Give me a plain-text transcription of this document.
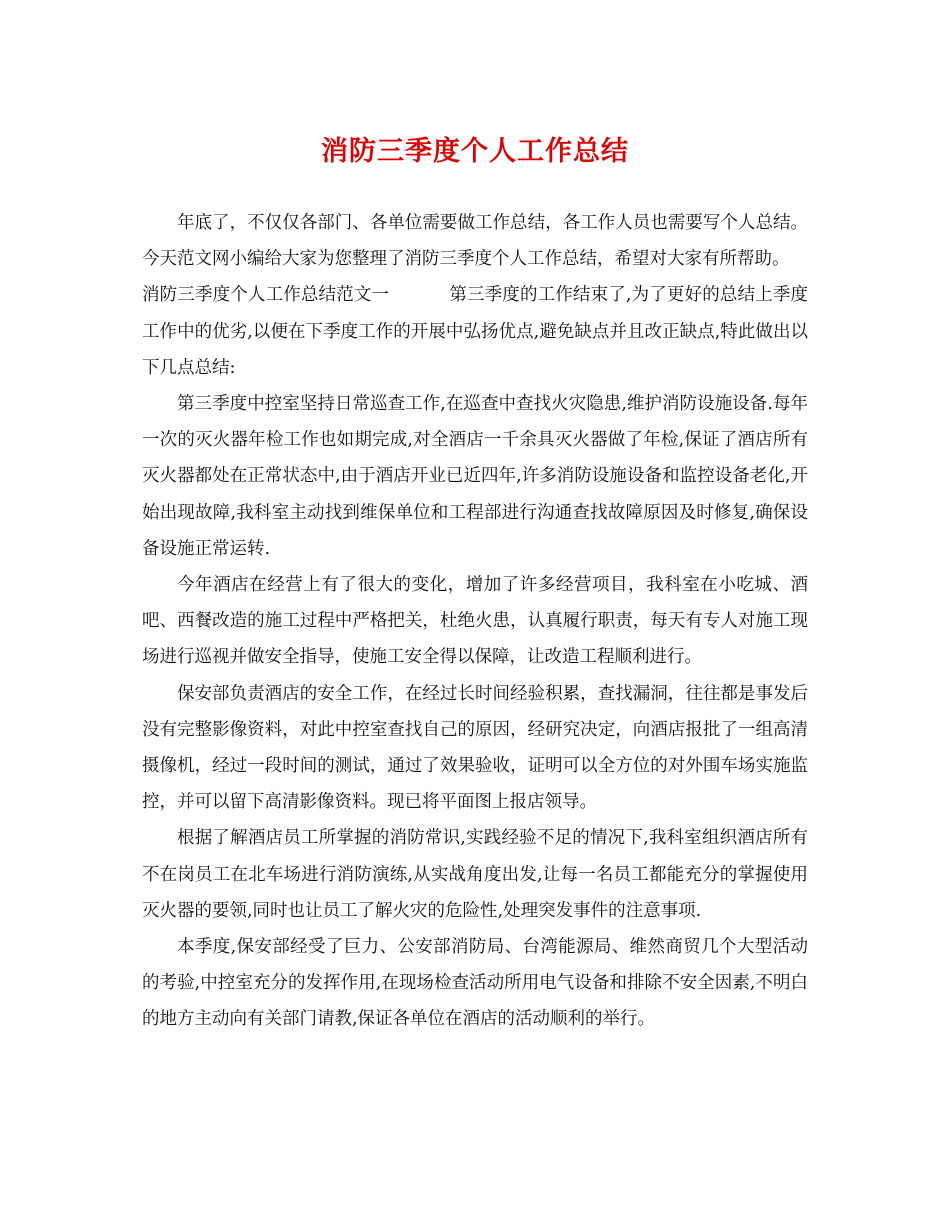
消防三季度个人工作总结

年底了，不仅仅各部门、各单位需要做工作总结，各工作人员也需要写个人总结。今天范文网小编给大家为您整理了消防三季度个人工作总结，希望对大家有所帮助。

消防三季度个人工作总结范文一	第三季度的工作结束了,为了更好的总结上季度工作中的优劣,以便在下季度工作的开展中弘扬优点,避免缺点并且改正缺点,特此做出以下几点总结:

第三季度中控室坚持日常巡查工作,在巡查中查找火灾隐患,维护消防设施设备.每年一次的灭火器年检工作也如期完成,对全酒店一千余具灭火器做了年检,保证了酒店所有灭火器都处在正常状态中,由于酒店开业已近四年,许多消防设施设备和监控设备老化,开始出现故障,我科室主动找到维保单位和工程部进行沟通查找故障原因及时修复,确保设备设施正常运转.

今年酒店在经营上有了很大的变化，增加了许多经营项目，我科室在小吃城、酒吧、西餐改造的施工过程中严格把关，杜绝火患，认真履行职责，每天有专人对施工现场进行巡视并做安全指导，使施工安全得以保障，让改造工程顺利进行。

保安部负责酒店的安全工作，在经过长时间经验积累，查找漏洞，往往都是事发后没有完整影像资料，对此中控室查找自己的原因，经研究决定，向酒店报批了一组高清摄像机，经过一段时间的测试，通过了效果验收，证明可以全方位的对外围车场实施监控，并可以留下高清影像资料。现已将平面图上报店领导。

根据了解酒店员工所掌握的消防常识,实践经验不足的情况下,我科室组织酒店所有不在岗员工在北车场进行消防演练,从实战角度出发,让每一名员工都能充分的掌握使用灭火器的要领,同时也让员工了解火灾的危险性,处理突发事件的注意事项.

本季度,保安部经受了巨力、公安部消防局、台湾能源局、维然商贸几个大型活动的考验,中控室充分的发挥作用,在现场检查活动所用电气设备和排除不安全因素,不明白的地方主动向有关部门请教,保证各单位在酒店的活动顺利的举行。
